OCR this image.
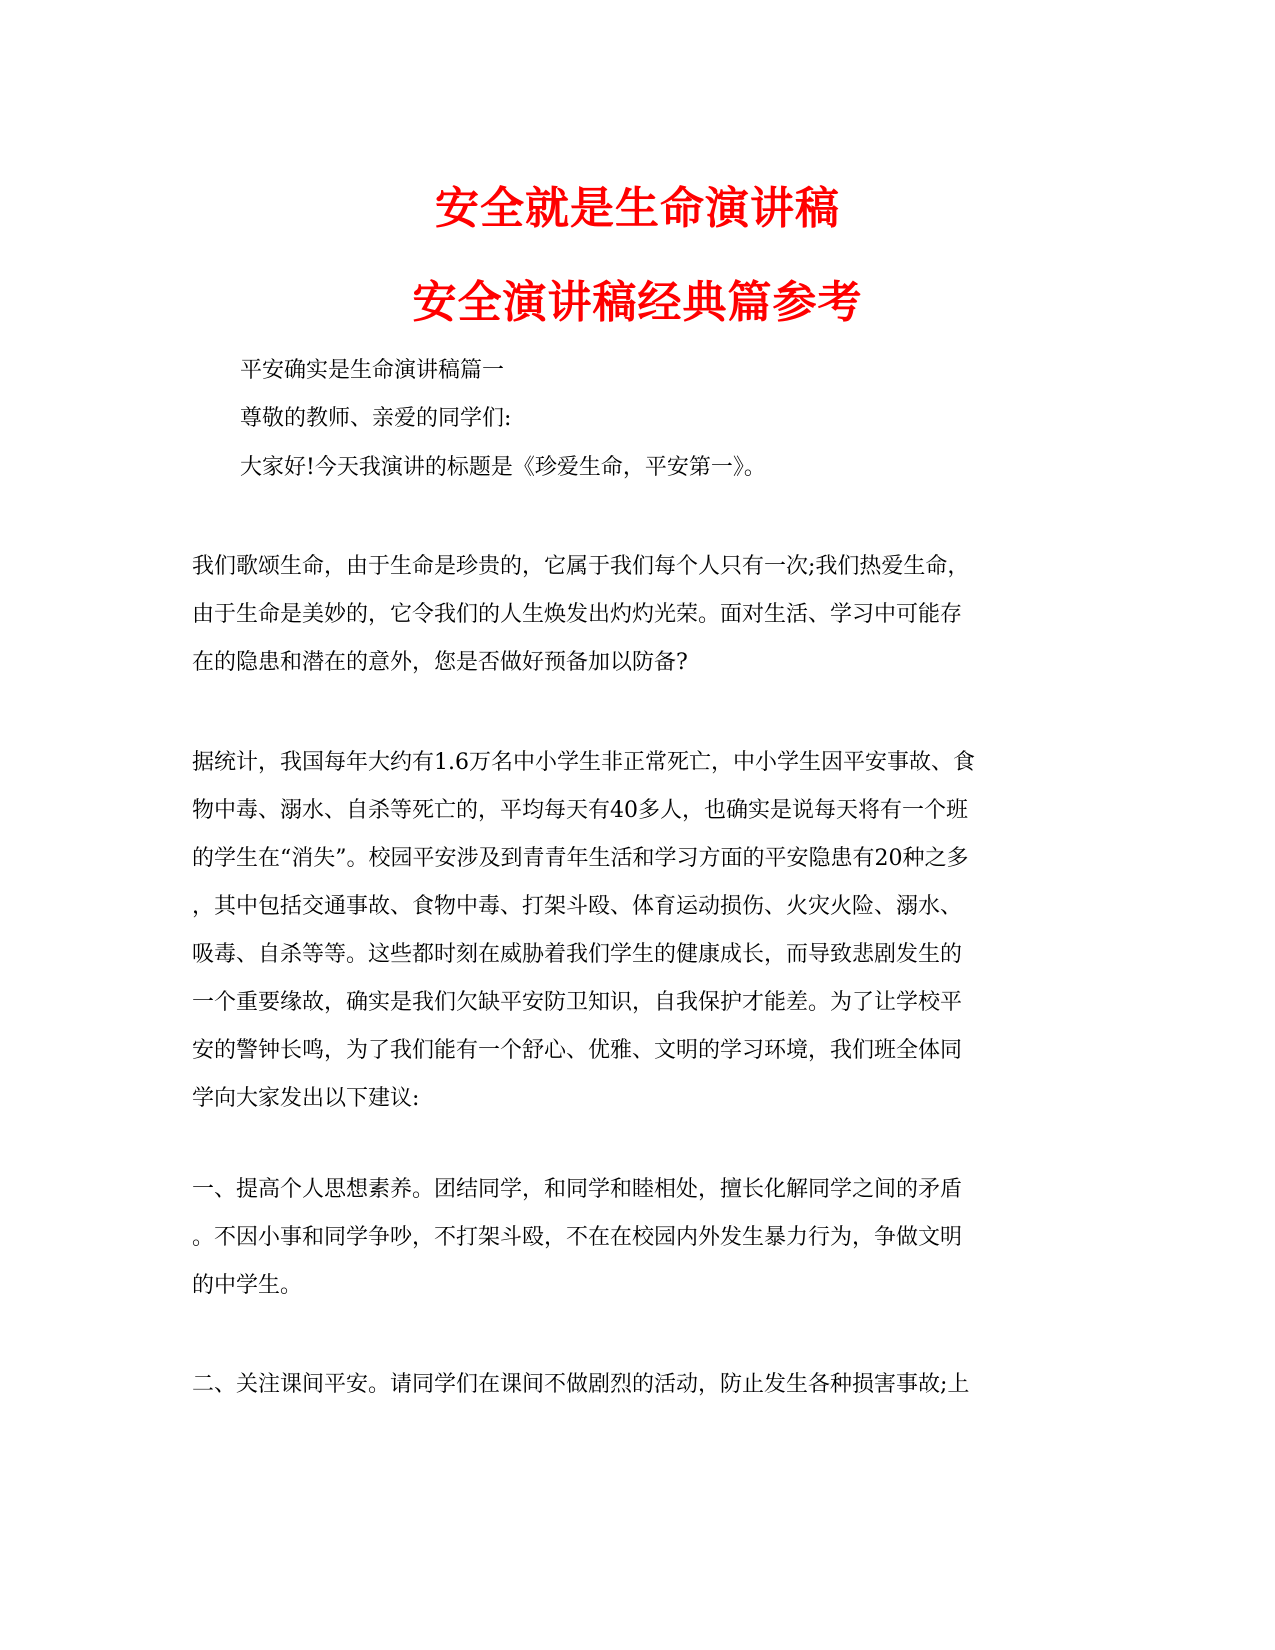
安全就是生命演讲稿
安全演讲稿经典篇参考
平安确实是生命演讲稿篇一
尊敬的教师、亲爱的同学们:
大家好!今天我演讲的标题是《珍爱生命，平安第一》。
我们歌颂生命，由于生命是珍贵的，它属于我们每个人只有一次;我们热爱生命，
由于生命是美妙的，它令我们的人生焕发出灼灼光荣。面对生活、学习中可能存
在的隐患和潜在的意外，您是否做好预备加以防备?
据统计，我国每年大约有1.6万名中小学生非正常死亡，中小学生因平安事故、食
物中毒、溺水、自杀等死亡的，平均每天有40多人，也确实是说每天将有一个班
的学生在“消失”。校园平安涉及到青青年生活和学习方面的平安隐患有20种之多
，其中包括交通事故、食物中毒、打架斗殴、体育运动损伤、火灾火险、溺水、
吸毒、自杀等等。这些都时刻在威胁着我们学生的健康成长，而导致悲剧发生的
一个重要缘故，确实是我们欠缺平安防卫知识，自我保护才能差。为了让学校平
安的警钟长鸣，为了我们能有一个舒心、优雅、文明的学习环境，我们班全体同
学向大家发出以下建议:
一、提高个人思想素养。团结同学，和同学和睦相处，擅长化解同学之间的矛盾
。不因小事和同学争吵，不打架斗殴，不在在校园内外发生暴力行为，争做文明
的中学生。
二、关注课间平安。请同学们在课间不做剧烈的活动，防止发生各种损害事故;上
